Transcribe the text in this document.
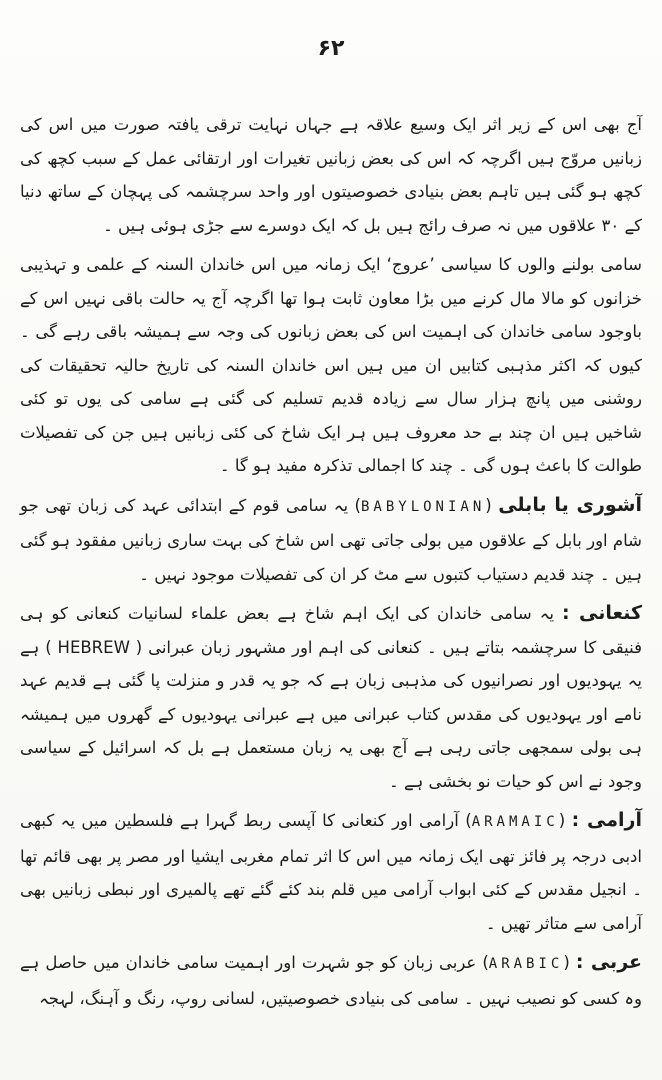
۶۲

آج بھی اس کے زیر اثر ایک وسیع علاقہ ہے جہاں نہایت ترقی یافتہ صورت میں اس کی زبانیں مروّج ہیں اگرچہ کہ اس کی بعض زبانیں تغیرات اور ارتقائی عمل کے سبب کچھ کی کچھ ہو گئی ہیں تاہم بعض بنیادی خصوصیتوں اور واحد سرچشمہ کی پہچان کے ساتھ دنیا کے ۳۰ علاقوں میں نہ صرف رائج ہیں بل کہ ایک دوسرے سے جڑی ہوئی ہیں ۔

سامی بولنے والوں کا سیاسی ’عروج‘ ایک زمانہ میں اس خاندان السنہ کے علمی و تہذیبی خزانوں کو مالا مال کرنے میں بڑا معاون ثابت ہوا تھا اگرچہ آج یہ حالت باقی نہیں اس کے باوجود سامی خاندان کی اہمیت اس کی بعض زبانوں کی وجہ سے ہمیشہ باقی رہے گی ۔ کیوں کہ اکثر مذہبی کتابیں ان میں ہیں اس خاندان السنہ کی تاریخ حالیہ تحقیقات کی روشنی میں پانچ ہزار سال سے زیادہ قدیم تسلیم کی گئی ہے سامی کی یوں تو کئی شاخیں ہیں ان چند بے حد معروف ہیں ہر ایک شاخ کی کئی زبانیں ہیں جن کی تفصیلات طوالت کا باعث ہوں گی ۔ چند کا اجمالی تذکرہ مفید ہو گا ۔

آشوری یا بابلی (BABYLONIAN) یہ سامی قوم کے ابتدائی عہد کی زبان تھی جو شام اور بابل کے علاقوں میں بولی جاتی تھی اس شاخ کی بہت ساری زبانیں مفقود ہو گئی ہیں ۔ چند قدیم دستیاب کتبوں سے مٹ کر ان کی تفصیلات موجود نہیں ۔

کنعانی : یہ سامی خاندان کی ایک اہم شاخ ہے بعض علماء لسانیات کنعانی کو ہی فنیقی کا سرچشمہ بتاتے ہیں ۔ کنعانی کی اہم اور مشہور زبان عبرانی ( HEBREW ) ہے یہ یہودیوں اور نصرانیوں کی مذہبی زبان ہے کہ جو یہ قدر و منزلت پا گئی ہے قدیم عہد نامے اور یہودیوں کی مقدس کتاب عبرانی میں ہے عبرانی یہودیوں کے گھروں میں ہمیشہ ہی بولی سمجھی جاتی رہی ہے آج بھی یہ زبان مستعمل ہے بل کہ اسرائیل کے سیاسی وجود نے اس کو حیات نو بخشی ہے ۔

آرامی : (ARAMAIC) آرامی اور کنعانی کا آپسی ربط گہرا ہے فلسطین میں یہ کبھی ادبی درجہ پر فائز تھی ایک زمانہ میں اس کا اثر تمام مغربی ایشیا اور مصر پر بھی قائم تھا ۔ انجیل مقدس کے کئی ابواب آرامی میں قلم بند کئے گئے تھے پالمیری اور نبطی زبانیں بھی آرامی سے متاثر تھیں ۔

عربی : (ARABIC) عربی زبان کو جو شہرت اور اہمیت سامی خاندان میں حاصل ہے وہ کسی کو نصیب نہیں ۔ سامی کی بنیادی خصوصیتیں، لسانی روپ، رنگ و آہنگ، لہجہ
